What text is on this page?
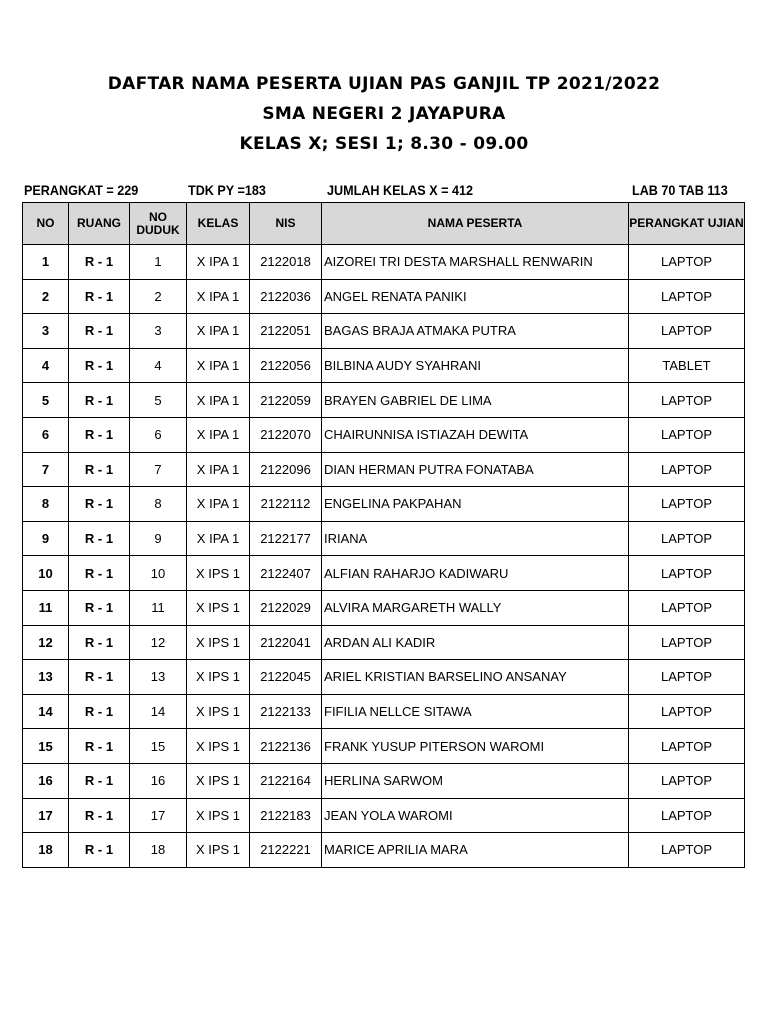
DAFTAR NAMA PESERTA UJIAN PAS GANJIL TP 2021/2022
SMA NEGERI 2 JAYAPURA
KELAS X; SESI 1; 8.30 - 09.00
PERANGKAT = 229	TDK PY =183	JUMLAH KELAS X = 412	LAB 70 TAB 113
NO	RUANG	NO DUDUK	KELAS	NIS	NAMA PESERTA	PERANGKAT UJIAN
1	R - 1	1	X IPA 1	2122018	AIZOREI TRI DESTA MARSHALL RENWARIN	LAPTOP
2	R - 1	2	X IPA 1	2122036	ANGEL RENATA PANIKI	LAPTOP
3	R - 1	3	X IPA 1	2122051	BAGAS BRAJA ATMAKA PUTRA	LAPTOP
4	R - 1	4	X IPA 1	2122056	BILBINA AUDY SYAHRANI	TABLET
5	R - 1	5	X IPA 1	2122059	BRAYEN GABRIEL DE LIMA	LAPTOP
6	R - 1	6	X IPA 1	2122070	CHAIRUNNISA ISTIAZAH DEWITA	LAPTOP
7	R - 1	7	X IPA 1	2122096	DIAN HERMAN PUTRA FONATABA	LAPTOP
8	R - 1	8	X IPA 1	2122112	ENGELINA PAKPAHAN	LAPTOP
9	R - 1	9	X IPA 1	2122177	IRIANA	LAPTOP
10	R - 1	10	X IPS 1	2122407	ALFIAN RAHARJO KADIWARU	LAPTOP
11	R - 1	11	X IPS 1	2122029	ALVIRA MARGARETH WALLY	LAPTOP
12	R - 1	12	X IPS 1	2122041	ARDAN ALI KADIR	LAPTOP
13	R - 1	13	X IPS 1	2122045	ARIEL KRISTIAN BARSELINO ANSANAY	LAPTOP
14	R - 1	14	X IPS 1	2122133	FIFILIA NELLCE SITAWA	LAPTOP
15	R - 1	15	X IPS 1	2122136	FRANK YUSUP PITERSON WAROMI	LAPTOP
16	R - 1	16	X IPS 1	2122164	HERLINA SARWOM	LAPTOP
17	R - 1	17	X IPS 1	2122183	JEAN YOLA WAROMI	LAPTOP
18	R - 1	18	X IPS 1	2122221	MARICE APRILIA MARA	LAPTOP
